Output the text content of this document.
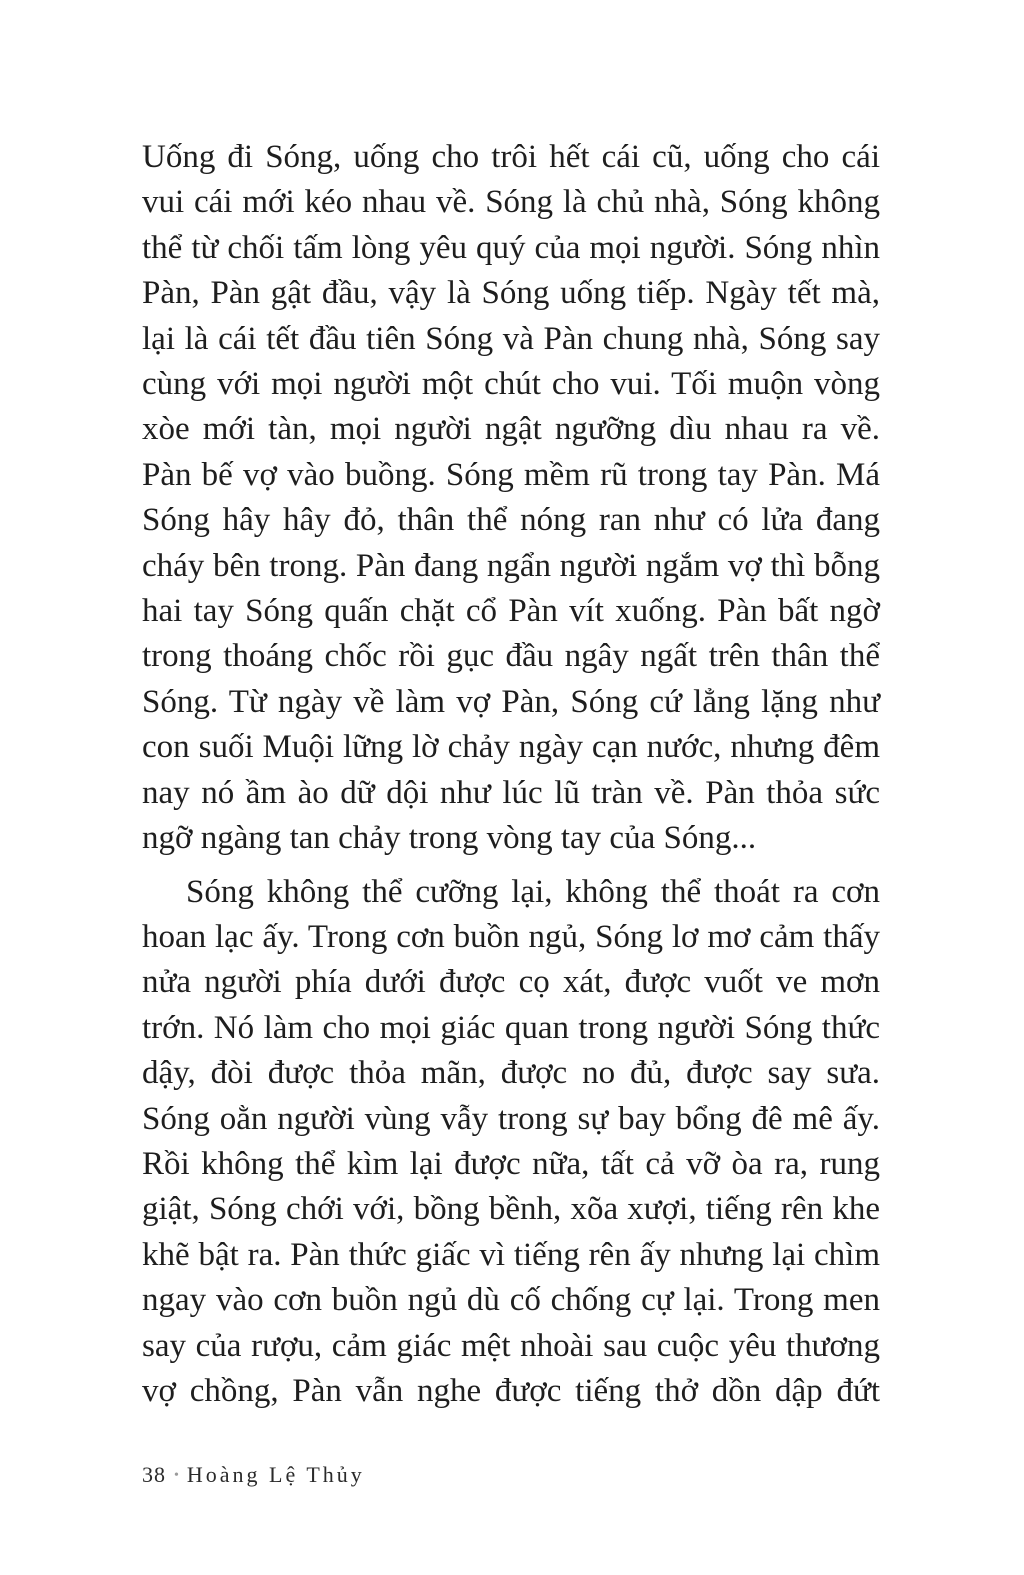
Uống đi Sóng, uống cho trôi hết cái cũ, uống cho cái
vui cái mới kéo nhau về. Sóng là chủ nhà, Sóng không
thể từ chối tấm lòng yêu quý của mọi người. Sóng nhìn
Pàn, Pàn gật đầu, vậy là Sóng uống tiếp. Ngày tết mà,
lại là cái tết đầu tiên Sóng và Pàn chung nhà, Sóng say
cùng với mọi người một chút cho vui. Tối muộn vòng
xòe mới tàn, mọi người ngật ngưỡng dìu nhau ra về.
Pàn bế vợ vào buồng. Sóng mềm rũ trong tay Pàn. Má
Sóng hây hây đỏ, thân thể nóng ran như có lửa đang
cháy bên trong. Pàn đang ngẩn người ngắm vợ thì bỗng
hai tay Sóng quấn chặt cổ Pàn vít xuống. Pàn bất ngờ
trong thoáng chốc rồi gục đầu ngây ngất trên thân thể
Sóng. Từ ngày về làm vợ Pàn, Sóng cứ lẳng lặng như
con suối Muội lững lờ chảy ngày cạn nước, nhưng đêm
nay nó ầm ào dữ dội như lúc lũ tràn về. Pàn thỏa sức
ngỡ ngàng tan chảy trong vòng tay của Sóng...

Sóng không thể cưỡng lại, không thể thoát ra cơn
hoan lạc ấy. Trong cơn buồn ngủ, Sóng lơ mơ cảm thấy
nửa người phía dưới được cọ xát, được vuốt ve mơn
trớn. Nó làm cho mọi giác quan trong người Sóng thức
dậy, đòi được thỏa mãn, được no đủ, được say sưa.
Sóng oằn người vùng vẫy trong sự bay bổng đê mê ấy.
Rồi không thể kìm lại được nữa, tất cả vỡ òa ra, rung
giật, Sóng chới với, bồng bềnh, xõa xượi, tiếng rên khe
khẽ bật ra. Pàn thức giấc vì tiếng rên ấy nhưng lại chìm
ngay vào cơn buồn ngủ dù cố chống cự lại. Trong men
say của rượu, cảm giác mệt nhoài sau cuộc yêu thương
vợ chồng, Pàn vẫn nghe được tiếng thở dồn dập đứt

38 • Hoàng Lệ Thủy
